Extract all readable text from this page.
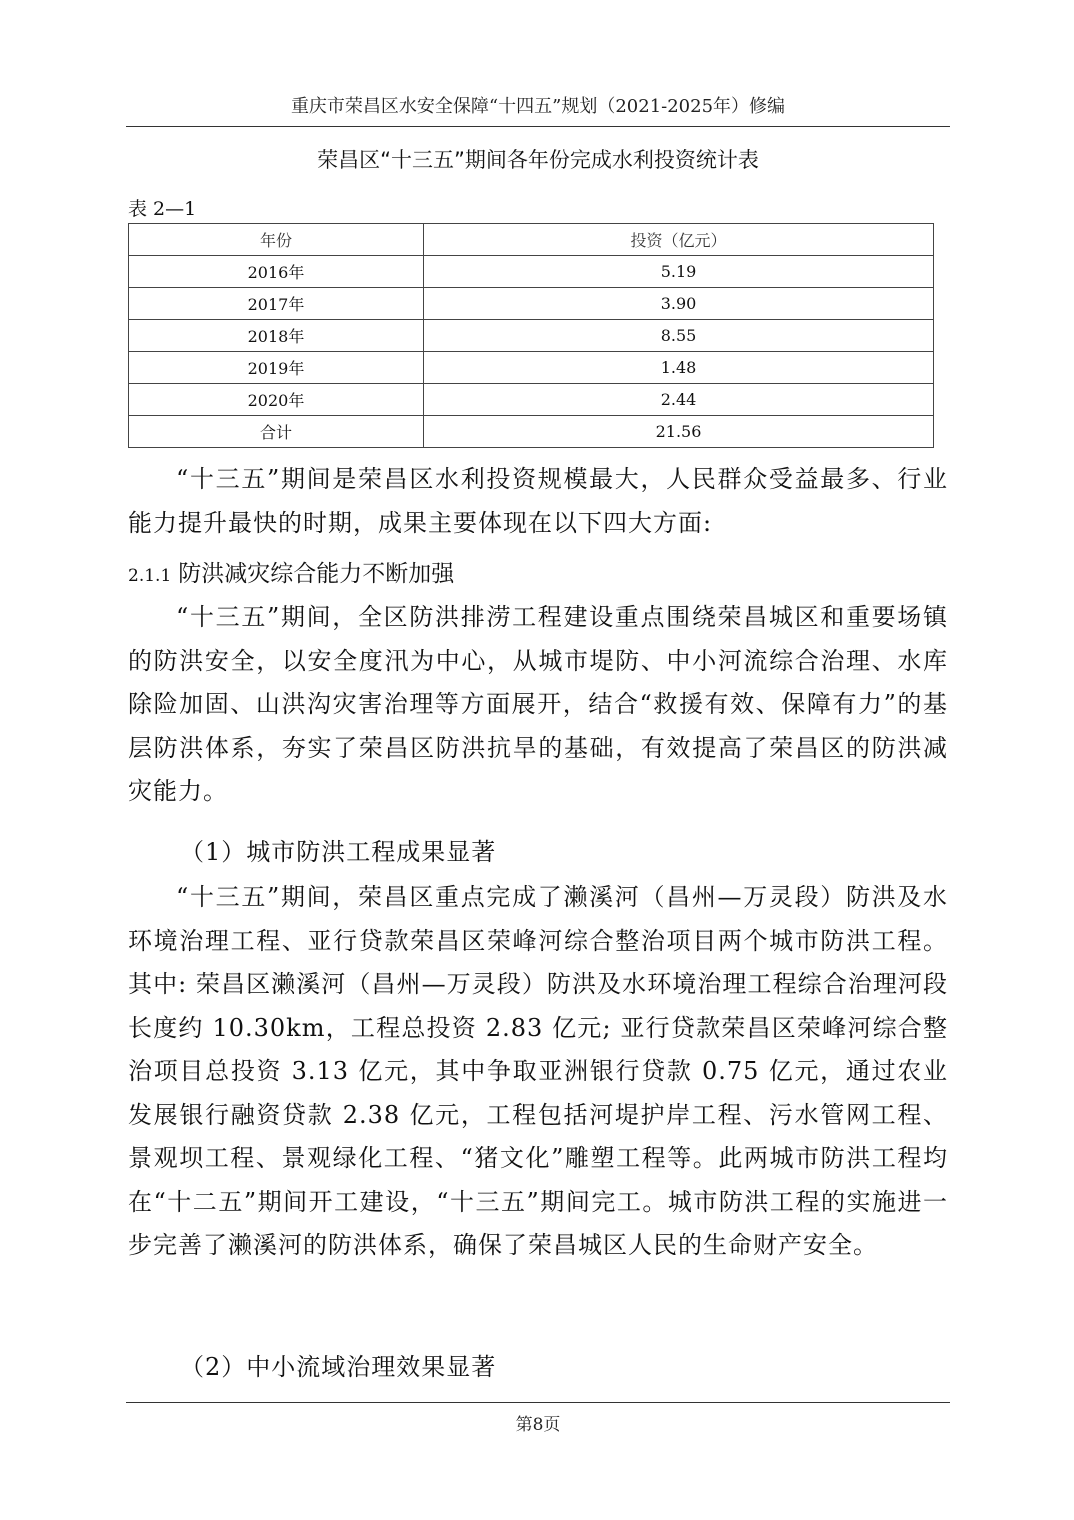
重庆市荣昌区水安全保障“十四五”规划（2021-2025年）修编
荣昌区“十三五”期间各年份完成水利投资统计表
表 2—1
年份	投资（亿元）
2016年	5.19
2017年	3.90
2018年	8.55
2019年	1.48
2020年	2.44
合计	21.56
“十三五”期间是荣昌区水利投资规模最大，人民群众受益最多、行业能力提升最快的时期，成果主要体现在以下四大方面:
2.1.1 防洪减灾综合能力不断加强
“十三五”期间，全区防洪排涝工程建设重点围绕荣昌城区和重要场镇的防洪安全，以安全度汛为中心，从城市堤防、中小河流综合治理、水库除险加固、山洪沟灾害治理等方面展开，结合“救援有效、保障有力”的基层防洪体系，夯实了荣昌区防洪抗旱的基础，有效提高了荣昌区的防洪减灾能力。
（1）城市防洪工程成果显著
“十三五”期间，荣昌区重点完成了濑溪河（昌州—万灵段）防洪及水环境治理工程、亚行贷款荣昌区荣峰河综合整治项目两个城市防洪工程。其中: 荣昌区濑溪河（昌州—万灵段）防洪及水环境治理工程综合治理河段长度约 10.30km，工程总投资 2.83 亿元; 亚行贷款荣昌区荣峰河综合整治项目总投资 3.13 亿元，其中争取亚洲银行贷款 0.75 亿元，通过农业发展银行融资贷款 2.38 亿元，工程包括河堤护岸工程、污水管网工程、景观坝工程、景观绿化工程、“猪文化”雕塑工程等。此两城市防洪工程均在“十二五”期间开工建设，“十三五”期间完工。城市防洪工程的实施进一步完善了濑溪河的防洪体系，确保了荣昌城区人民的生命财产安全。
（2）中小流域治理效果显著
第8页
